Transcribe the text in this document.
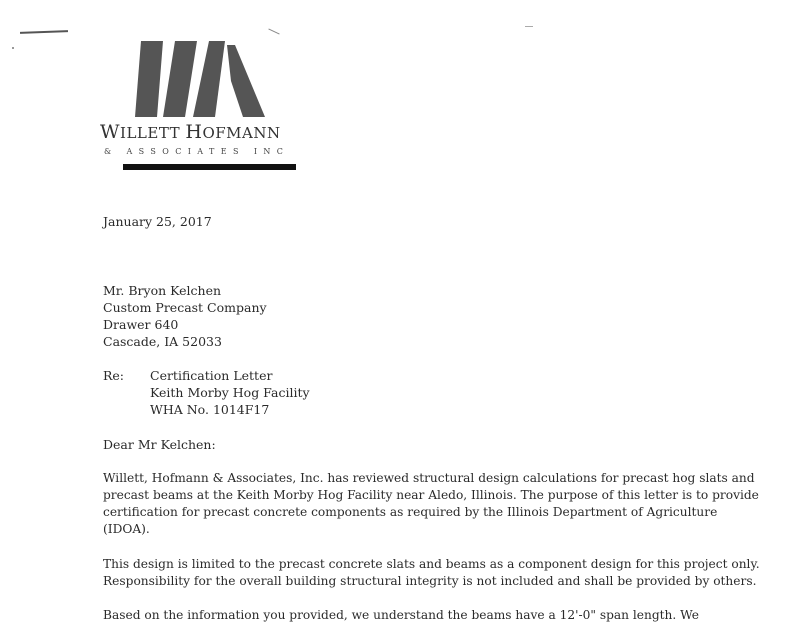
WILLETT HOFMANN
& ASSOCIATES INC
January 25, 2017
Mr. Bryon Kelchen
Custom Precast Company
Drawer 640
Cascade, IA 52033
Re: Certification Letter
Keith Morby Hog Facility
WHA No. 1014F17
Dear Mr Kelchen:
Willett, Hofmann & Associates, Inc. has reviewed structural design calculations for precast hog slats and
precast beams at the Keith Morby Hog Facility near Aledo, Illinois. The purpose of this letter is to provide
certification for precast concrete components as required by the Illinois Department of Agriculture
(IDOA).
This design is limited to the precast concrete slats and beams as a component design for this project only.
Responsibility for the overall building structural integrity is not included and shall be provided by others.
Based on the information you provided, we understand the beams have a 12'-0" span length. We
